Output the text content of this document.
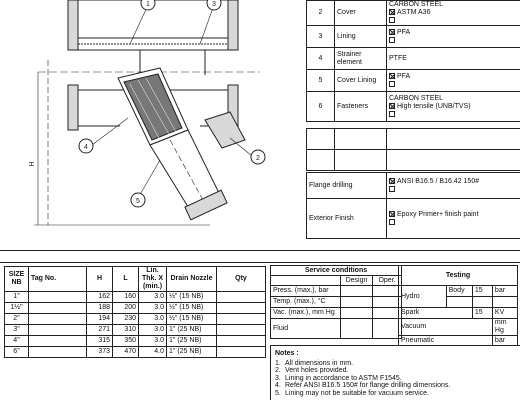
1	3
4
5
2
H
2	Cover	CARBON STEEL
ASTM A36

3	Lining	PFA

4	Strainer element	PTFE

5	Cover Lining	PFA

6	Fasteners	CARBON STEEL
High tensile (UNB/TVS)

Flange drilling	ANSI B16.5 / B16.42 150#

Exterior Finish	Epoxy Primer+ finish paint

SIZE NB	Tag No.	H	L	Lin. Thk. X (min.)	Drain Nozzle	Qty
1"		162	160	3.0	½" (15 NB)	
1½"		188	200	3.0	½" (15 NB)	
2"		194	230	3.0	½" (15 NB)	
3"		271	310	3.0	1" (25 NB)	
4"		315	350	3.0	1" (25 NB)	
6"		373	470	4.0	1" (25 NB)	
Service conditions		
	Design	Oper.
Press. (max.), bar		
Temp. (max.), °C		
Vac. (max.), mm Hg		
Fluid		
Testing			
Hydro	Body	15	bar

Spark		15	KV
Vacuum			mm Hg
Pneumatic			bar
Notes :
1. All dimensions in mm.
2. Vent holes provided.
3. Lining in accordance to ASTM F1545.
4. Refer ANSI B16.5 150# for flange drilling dimensions.
5. Lining may not be suitable for vacuum service.
